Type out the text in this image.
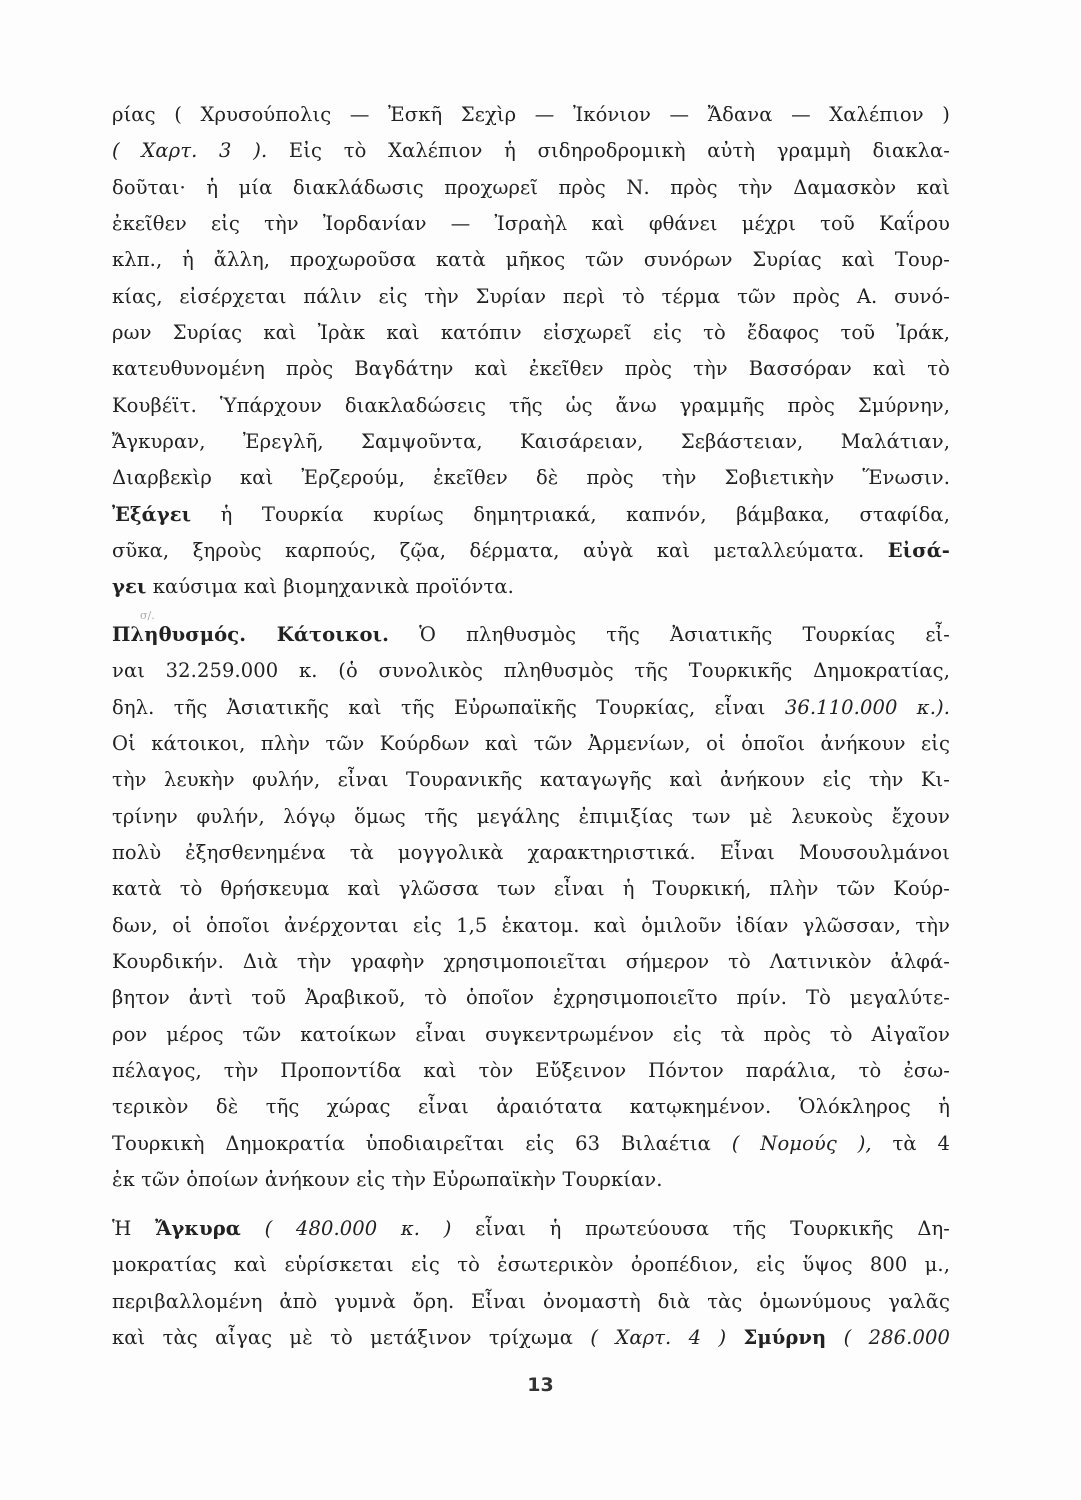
σ/.
ρίας ( Χρυσούπολις — Ἐσκῆ Σεχὶρ — Ἰκόνιον — Ἄδανα — Χαλέπιον )
( Χαρτ. 3 ). Εἰς τὸ Χαλέπιον ἡ σιδηροδρομικὴ αὐτὴ γραμμὴ διακλα-
δοῦται· ἡ μία διακλάδωσις προχωρεῖ πρὸς Ν. πρὸς τὴν Δαμασκὸν καὶ
ἐκεῖθεν εἰς τὴν Ἰορδανίαν — Ἰσραὴλ καὶ φθάνει μέχρι τοῦ Καΐρου
κλπ., ἡ ἄλλη, προχωροῦσα κατὰ μῆκος τῶν συνόρων Συρίας καὶ Τουρ-
κίας, εἰσέρχεται πάλιν εἰς τὴν Συρίαν περὶ τὸ τέρμα τῶν πρὸς Α. συνό-
ρων Συρίας καὶ Ἰρὰκ καὶ κατόπιν εἰσχωρεῖ εἰς τὸ ἔδαφος τοῦ Ἰράκ,
κατευθυνομένη πρὸς Βαγδάτην καὶ ἐκεῖθεν πρὸς τὴν Βασσόραν καὶ τὸ
Κουβέϊτ. Ὑπάρχουν διακλαδώσεις τῆς ὡς ἄνω γραμμῆς πρὸς Σμύρνην,
Ἄγκυραν, Ἐρεγλῆ, Σαμψοῦντα, Καισάρειαν, Σεβάστειαν, Μαλάτιαν,
Διαρβεκὶρ καὶ Ἐρζερούμ, ἐκεῖθεν δὲ πρὸς τὴν Σοβιετικὴν Ἕνωσιν.
Ἐξάγει ἡ Τουρκία κυρίως δημητριακά, καπνόν, βάμβακα, σταφίδα,
σῦκα, ξηροὺς καρπούς, ζῷα, δέρματα, αὐγὰ καὶ μεταλλεύματα. Εἰσά-
γει καύσιμα καὶ βιομηχανικὰ προϊόντα.
Πληθυσμός. Κάτοικοι. Ὁ πληθυσμὸς τῆς Ἀσιατικῆς Τουρκίας εἶ-
ναι 32.259.000 κ. (ὁ συνολικὸς πληθυσμὸς τῆς Τουρκικῆς Δημοκρατίας,
δηλ. τῆς Ἀσιατικῆς καὶ τῆς Εὐρωπαϊκῆς Τουρκίας, εἶναι 36.110.000 κ.).
Οἱ κάτοικοι, πλὴν τῶν Κούρδων καὶ τῶν Ἀρμενίων, οἱ ὁποῖοι ἀνήκουν εἰς
τὴν λευκὴν φυλήν, εἶναι Τουρανικῆς καταγωγῆς καὶ ἀνήκουν εἰς τὴν Κι-
τρίνην φυλήν, λόγῳ ὅμως τῆς μεγάλης ἐπιμιξίας των μὲ λευκοὺς ἔχουν
πολὺ ἐξησθενημένα τὰ μογγολικὰ χαρακτηριστικά. Εἶναι Μουσουλμάνοι
κατὰ τὸ θρήσκευμα καὶ γλῶσσα των εἶναι ἡ Τουρκική, πλὴν τῶν Κούρ-
δων, οἱ ὁποῖοι ἀνέρχονται εἰς 1,5 ἑκατομ. καὶ ὁμιλοῦν ἰδίαν γλῶσσαν, τὴν
Κουρδικήν. Διὰ τὴν γραφὴν χρησιμοποιεῖται σήμερον τὸ Λατινικὸν ἀλφά-
βητον ἀντὶ τοῦ Ἀραβικοῦ, τὸ ὁποῖον ἐχρησιμοποιεῖτο πρίν. Τὸ μεγαλύτε-
ρον μέρος τῶν κατοίκων εἶναι συγκεντρωμένον εἰς τὰ πρὸς τὸ Αἰγαῖον
πέλαγος, τὴν Προποντίδα καὶ τὸν Εὔξεινον Πόντον παράλια, τὸ ἐσω-
τερικὸν δὲ τῆς χώρας εἶναι ἀραιότατα κατῳκημένον. Ὁλόκληρος ἡ
Τουρκικὴ Δημοκρατία ὑποδιαιρεῖται εἰς 63 Βιλαέτια ( Νομούς ), τὰ 4
ἐκ τῶν ὁποίων ἀνήκουν εἰς τὴν Εὐρωπαϊκὴν Τουρκίαν.
Ἡ Ἄγκυρα ( 480.000 κ. ) εἶναι ἡ πρωτεύουσα τῆς Τουρκικῆς Δη-
μοκρατίας καὶ εὑρίσκεται εἰς τὸ ἐσωτερικὸν ὀροπέδιον, εἰς ὕψος 800 μ.,
περιβαλλομένη ἀπὸ γυμνὰ ὄρη. Εἶναι ὀνομαστὴ διὰ τὰς ὁμωνύμους γαλᾶς
καὶ τὰς αἶγας μὲ τὸ μετάξινον τρίχωμα ( Χαρτ. 4 ) Σμύρνη ( 286.000
13
